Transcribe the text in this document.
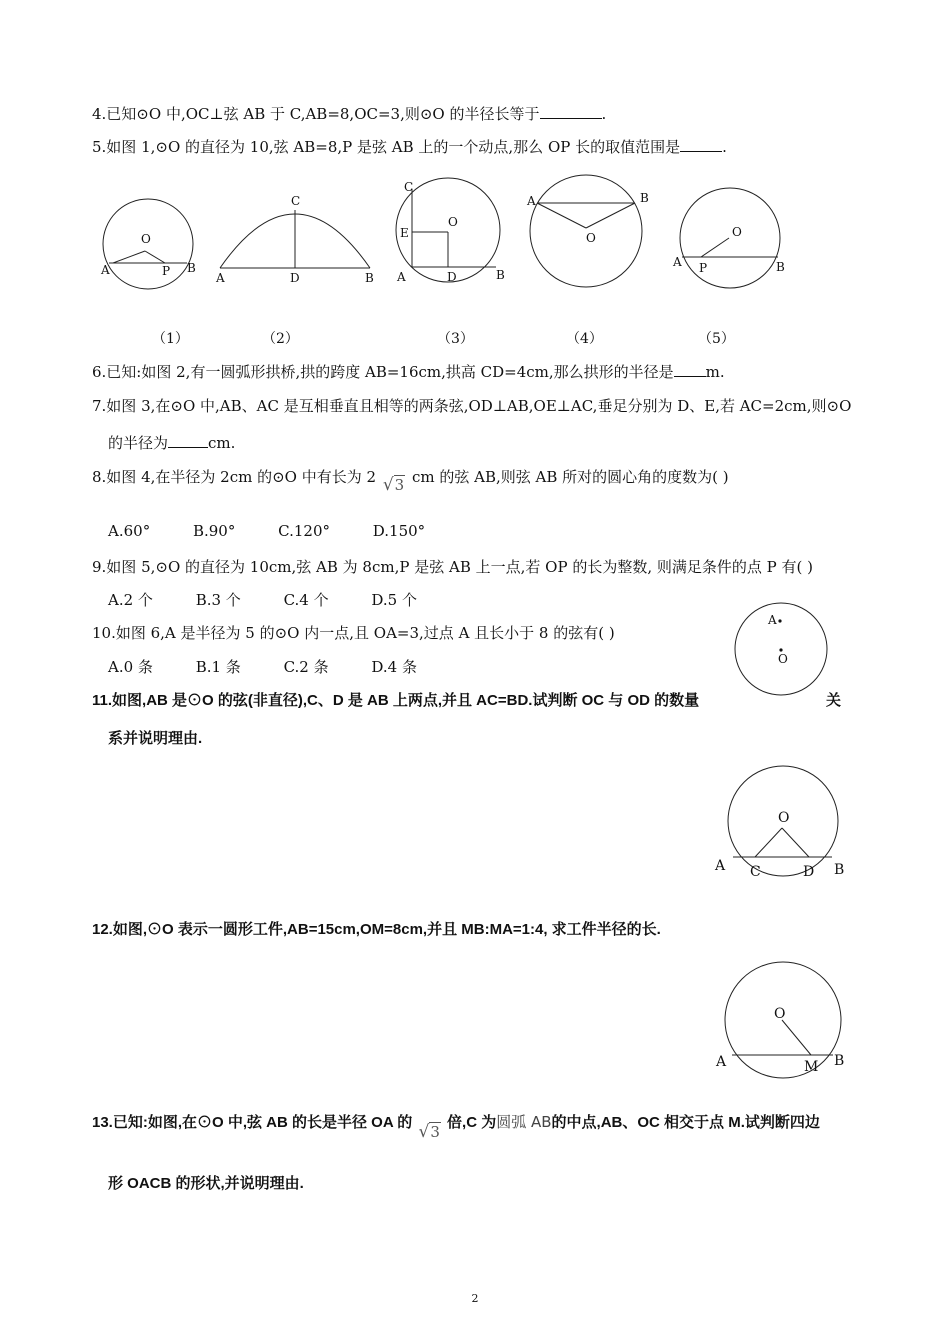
4.已知⊙O 中,OC⊥弦 AB 于 C,AB=8,OC=3,则⊙O 的半径长等于	.
5.如图 1,⊙O 的直径为 10,弦 AB=8,P 是弦 AB 上的一个动点,那么 OP 长的取值范围是	.
O
A	P B
C
A	D	B
C
O
E
A	D	B
A	B
O	O
A P	B
（1）	（2）	（3）	（4）	（5）
6.已知:如图 2,有一圆弧形拱桥,拱的跨度 AB=16cm,拱高 CD=4cm,那么拱形的半径是 m.
7.如图 3,在⊙O 中,AB、AC 是互相垂直且相等的两条弦,OD⊥AB,OE⊥AC,垂足分别为 D、E,若 AC=2cm,则⊙O
的半径为	cm.
8.如图 4,在半径为 2cm 的⊙O 中有长为 2 √3 cm 的弦 AB,则弦 AB 所对的圆心角的度数为( )
A.60°	B.90°	C.120°	D.150°
9.如图 5,⊙O 的直径为 10cm,弦 AB 为 8cm,P 是弦 AB 上一点,若 OP 的长为整数, 则满足条件的点 P 有( )
A.2 个	B.3 个	C.4 个	D.5 个
10.如图 6,A 是半径为 5 的⊙O 内一点,且 OA=3,过点 A 且长小于 8 的弦有( )
A.0 条	B.1 条	C.2 条	D.4 条
A
O
11.如图,AB 是⊙O 的弦(非直径),C、D 是 AB 上两点,并且 AC=BD.试判断 OC 与 OD 的数量	关
系并说明理由.
O
A C	D B
12.如图,⊙O 表示一圆形工件,AB=15cm,OM=8cm,并且 MB:MA=1:4, 求工件半径的长.
O
A	M B
13.已知:如图,在⊙O 中,弦 AB 的长是半径 OA 的 √3 倍,C 为圆弧 AB的中点,AB、OC 相交于点 M.试判断四边
形 OACB 的形状,并说明理由.
2
